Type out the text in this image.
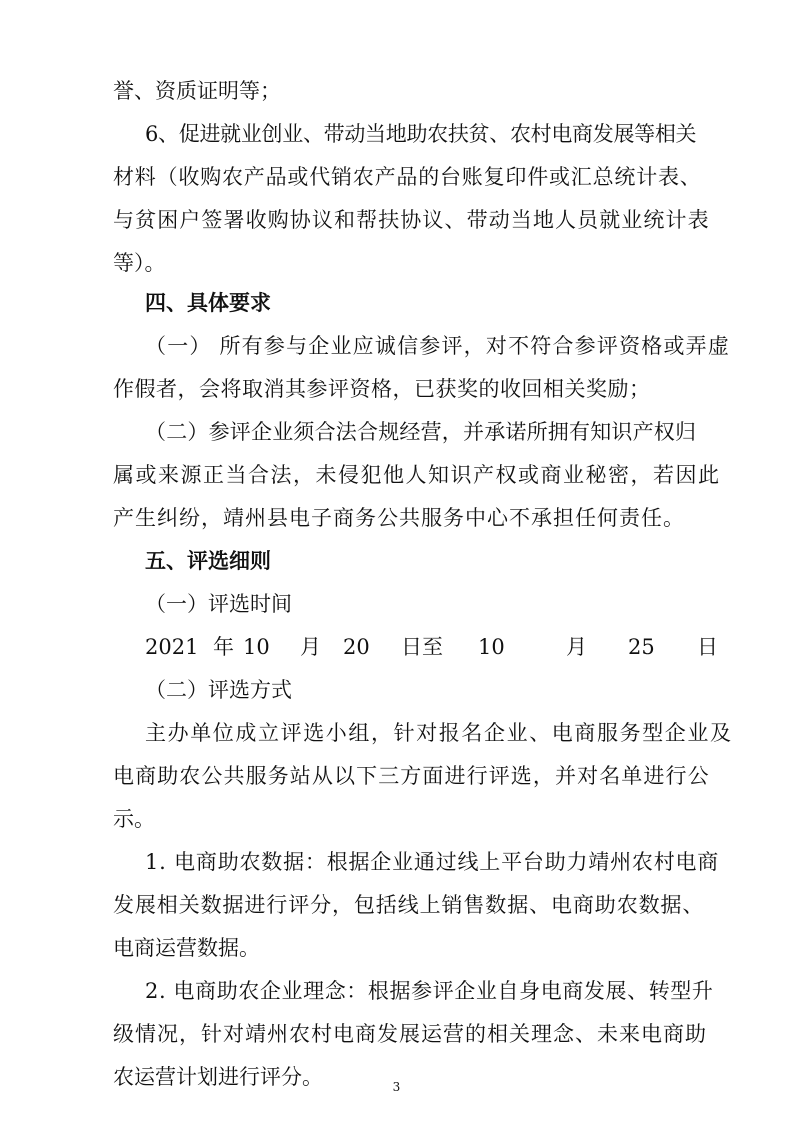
誉、资质证明等；
6、促进就业创业、带动当地助农扶贫、农村电商发展等相关
材料（收购农产品或代销农产品的台账复印件或汇总统计表、
与贫困户签署收购协议和帮扶协议、带动当地人员就业统计表
等）。
四、具体要求
（一） 所有参与企业应诚信参评，对不符合参评资格或弄虚
作假者，会将取消其参评资格，已获奖的收回相关奖励；
（二）参评企业须合法合规经营，并承诺所拥有知识产权归
属或来源正当合法，未侵犯他人知识产权或商业秘密，若因此
产生纠纷，靖州县电子商务公共服务中心不承担任何责任。
五、评选细则
（一）评选时间
2021 年 10 月 20 日至 10	月 25 日
（二）评选方式
主办单位成立评选小组，针对报名企业、电商服务型企业及
电商助农公共服务站从以下三方面进行评选，并对名单进行公
示。
1. 电商助农数据：根据企业通过线上平台助力靖州农村电商
发展相关数据进行评分，包括线上销售数据、电商助农数据、
电商运营数据。
2. 电商助农企业理念：根据参评企业自身电商发展、转型升
级情况，针对靖州农村电商发展运营的相关理念、未来电商助
农运营计划进行评分。	3
